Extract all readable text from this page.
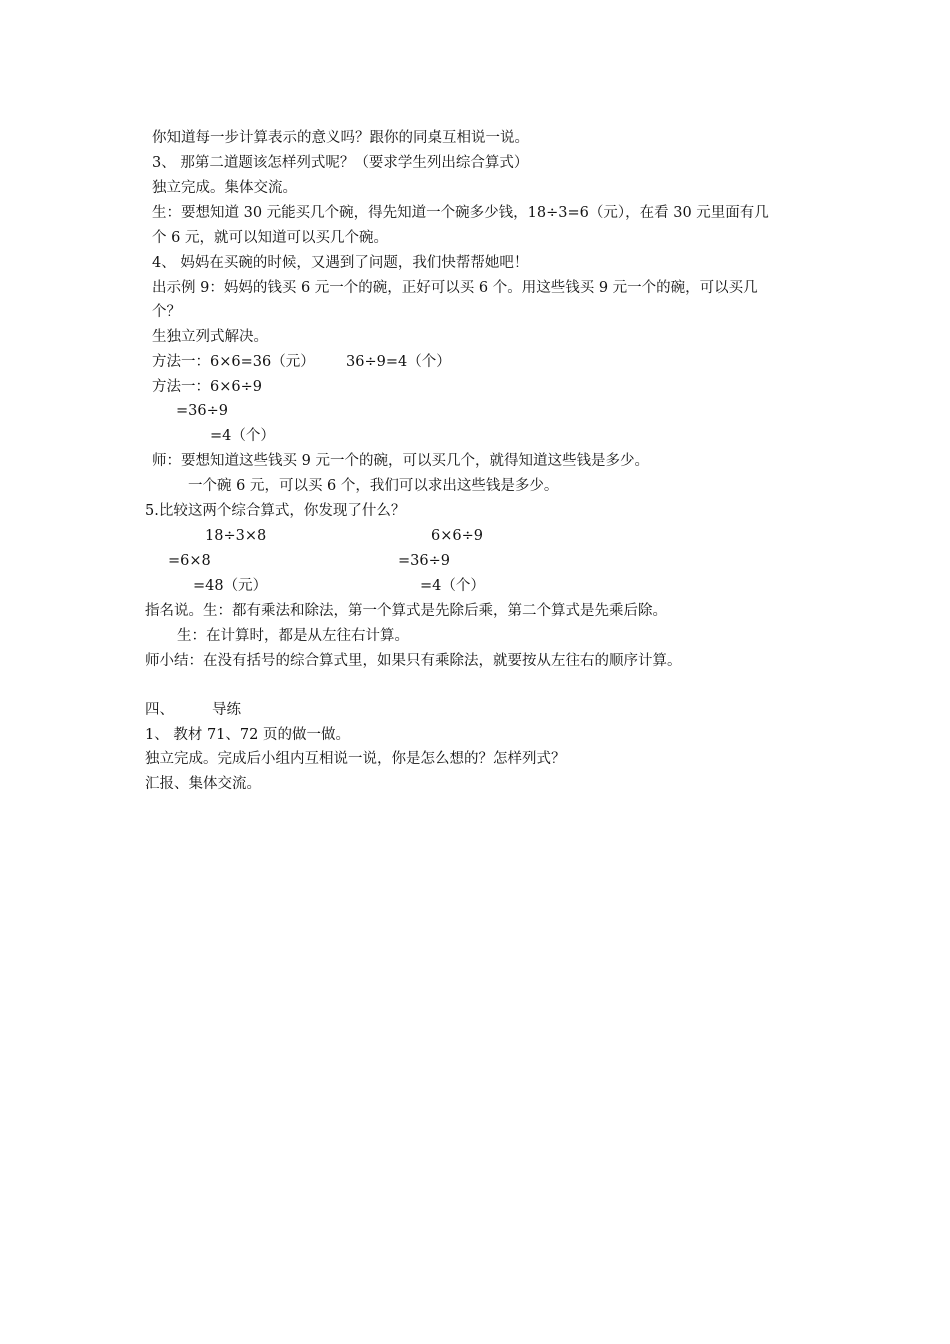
你知道每一步计算表示的意义吗？跟你的同桌互相说一说。
3、 那第二道题该怎样列式呢？（要求学生列出综合算式）
独立完成。集体交流。
生：要想知道 30 元能买几个碗，得先知道一个碗多少钱，18÷3=6（元），在看 30 元里面有几
个 6 元，就可以知道可以买几个碗。
4、 妈妈在买碗的时候，又遇到了问题，我们快帮帮她吧！
出示例 9：妈妈的钱买 6 元一个的碗，正好可以买 6 个。用这些钱买 9 元一个的碗，可以买几
个？
生独立列式解决。
方法一：6×6=36（元） 36÷9=4（个）
方法一：6×6÷9
=36÷9
=4（个）
师：要想知道这些钱买 9 元一个的碗，可以买几个，就得知道这些钱是多少。
一个碗 6 元，可以买 6 个，我们可以求出这些钱是多少。
5.比较这两个综合算式，你发现了什么？
18÷3×8	6×6÷9
=6×8	=36÷9
=48（元）	=4（个）
指名说。生：都有乘法和除法，第一个算式是先除后乘，第二个算式是先乘后除。
生：在计算时，都是从左往右计算。
师小结：在没有括号的综合算式里，如果只有乘除法，就要按从左往右的顺序计算。
四、	导练
1、 教材 71、72 页的做一做。
独立完成。完成后小组内互相说一说，你是怎么想的？怎样列式？
汇报、集体交流。
